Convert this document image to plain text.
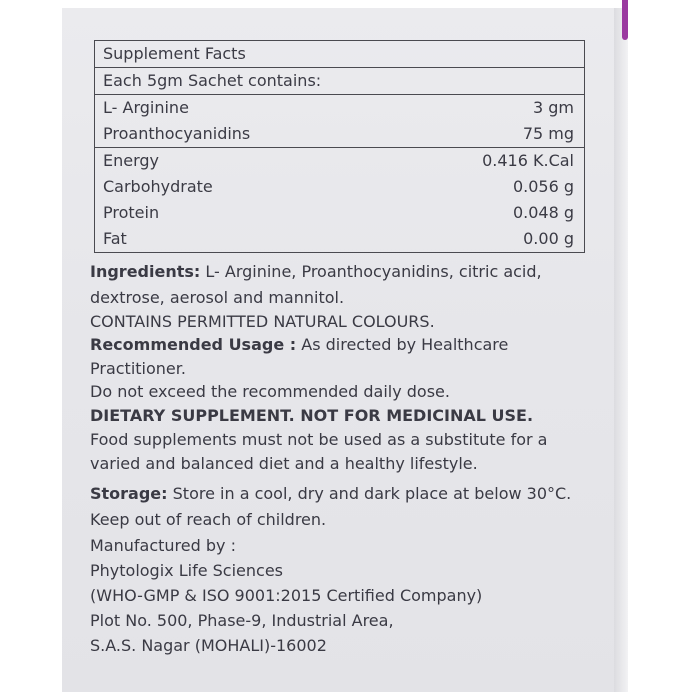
Supplement Facts
Each 5gm Sachet contains:
L- Arginine	3 gm
Proanthocyanidins	75 mg
Energy	0.416 K.Cal
Carbohydrate	0.056 g
Protein	0.048 g
Fat	0.00 g
Ingredients: L- Arginine, Proanthocyanidins, citric acid,
dextrose, aerosol and mannitol.
CONTAINS PERMITTED NATURAL COLOURS.
Recommended Usage : As directed by Healthcare
Practitioner.
Do not exceed the recommended daily dose.
DIETARY SUPPLEMENT. NOT FOR MEDICINAL USE.
Food supplements must not be used as a substitute for a
varied and balanced diet and a healthy lifestyle.
Storage: Store in a cool, dry and dark place at below 30°C.
Keep out of reach of children.
Manufactured by :
Phytologix Life Sciences
(WHO-GMP & ISO 9001:2015 Certified Company)
Plot No. 500, Phase-9, Industrial Area,
S.A.S. Nagar (MOHALI)-16002
